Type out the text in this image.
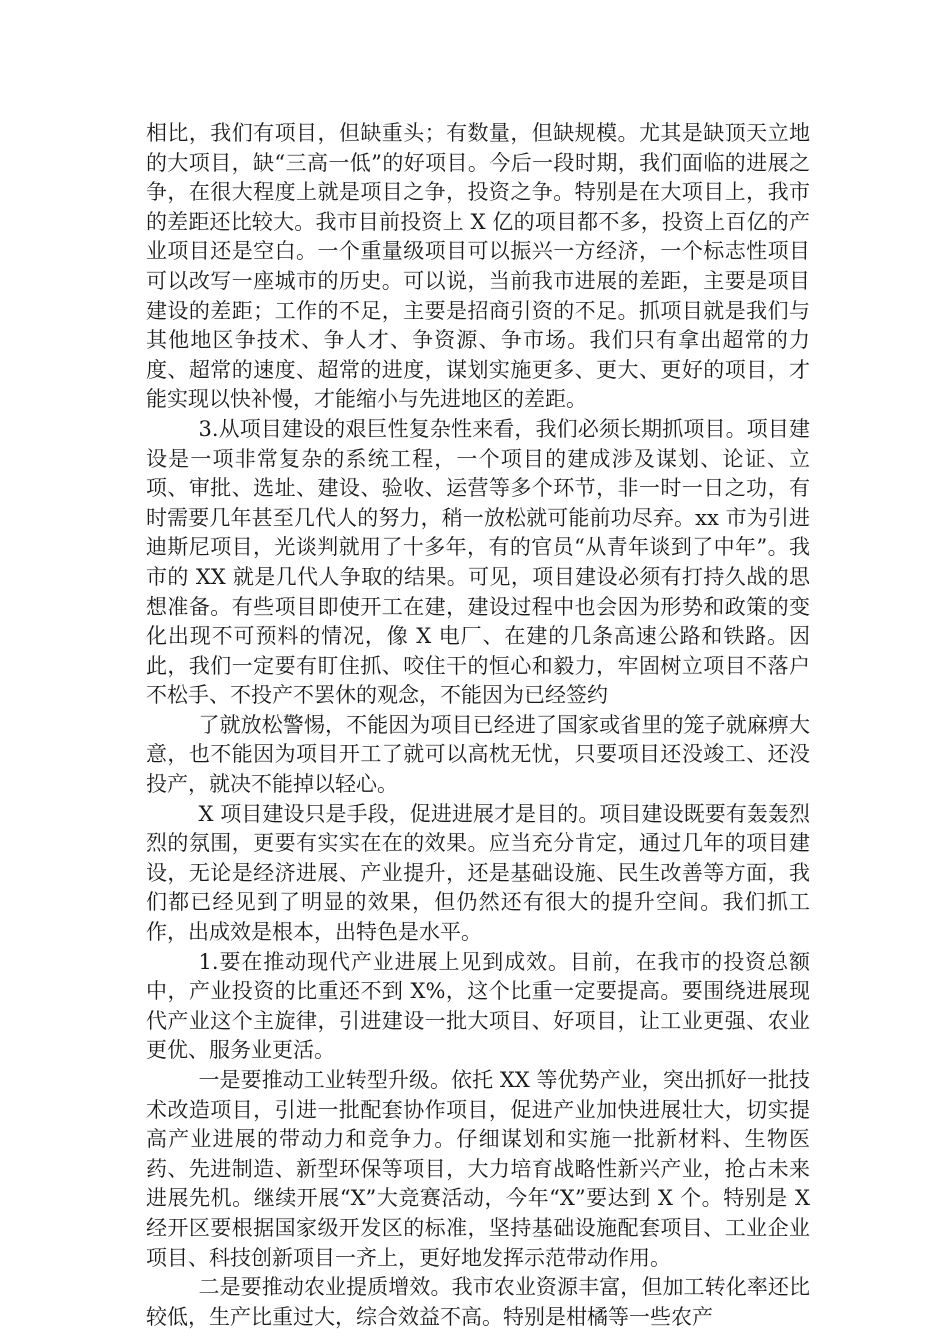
相比，我们有项目，但缺重头；有数量，但缺规模。尤其是缺顶天立地的大项目，缺“三高一低”的好项目。今后一段时期，我们面临的进展之争，在很大程度上就是项目之争，投资之争。特别是在大项目上，我市的差距还比较大。我市目前投资上 X 亿的项目都不多，投资上百亿的产业项目还是空白。一个重量级项目可以振兴一方经济，一个标志性项目可以改写一座城市的历史。可以说，当前我市进展的差距，主要是项目建设的差距；工作的不足，主要是招商引资的不足。抓项目就是我们与其他地区争技术、争人才、争资源、争市场。我们只有拿出超常的力度、超常的速度、超常的进度，谋划实施更多、更大、更好的项目，才能实现以快补慢，才能缩小与先进地区的差距。

3.从项目建设的艰巨性复杂性来看，我们必须长期抓项目。项目建设是一项非常复杂的系统工程，一个项目的建成涉及谋划、论证、立项、审批、选址、建设、验收、运营等多个环节，非一时一日之功，有时需要几年甚至几代人的努力，稍一放松就可能前功尽弃。xx 市为引进迪斯尼项目，光谈判就用了十多年，有的官员“从青年谈到了中年”。我市的 XX 就是几代人争取的结果。可见，项目建设必须有打持久战的思想准备。有些项目即使开工在建，建设过程中也会因为形势和政策的变化出现不可预料的情况，像 X 电厂、在建的几条高速公路和铁路。因此，我们一定要有盯住抓、咬住干的恒心和毅力，牢固树立项目不落户不松手、不投产不罢休的观念，不能因为已经签约

了就放松警惕，不能因为项目已经进了国家或省里的笼子就麻痹大意，也不能因为项目开工了就可以高枕无忧，只要项目还没竣工、还没投产，就决不能掉以轻心。

X 项目建设只是手段，促进进展才是目的。项目建设既要有轰轰烈烈的氛围，更要有实实在在的效果。应当充分肯定，通过几年的项目建设，无论是经济进展、产业提升，还是基础设施、民生改善等方面，我们都已经见到了明显的效果，但仍然还有很大的提升空间。我们抓工作，出成效是根本，出特色是水平。

1.要在推动现代产业进展上见到成效。目前，在我市的投资总额中，产业投资的比重还不到 X%，这个比重一定要提高。要围绕进展现代产业这个主旋律，引进建设一批大项目、好项目，让工业更强、农业更优、服务业更活。

一是要推动工业转型升级。依托 XX 等优势产业，突出抓好一批技术改造项目，引进一批配套协作项目，促进产业加快进展壮大，切实提高产业进展的带动力和竞争力。仔细谋划和实施一批新材料、生物医药、先进制造、新型环保等项目，大力培育战略性新兴产业，抢占未来进展先机。继续开展“X”大竞赛活动，今年“X”要达到 X 个。特别是 X 经开区要根据国家级开发区的标准，坚持基础设施配套项目、工业企业项目、科技创新项目一齐上，更好地发挥示范带动作用。

二是要推动农业提质增效。我市农业资源丰富，但加工转化率还比较低，生产比重过大，综合效益不高。特别是柑橘等一些农产
